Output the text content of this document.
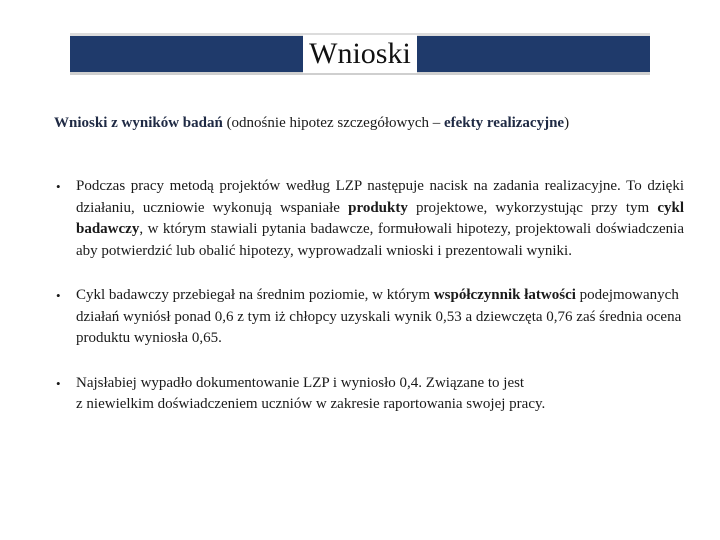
Wnioski
Wnioski z wyników badań (odnośnie hipotez szczegółowych – efekty realizacyjne)
• Podczas pracy metodą projektów według LZP następuje nacisk na zadania realizacyjne. To dzięki działaniu, uczniowie wykonują wspaniałe produkty projektowe, wykorzystując przy tym cykl badawczy, w którym stawiali pytania badawcze, formułowali hipotezy, projektowali doświadczenia aby potwierdzić lub obalić hipotezy, wyprowadzali wnioski i prezentowali wyniki.
• Cykl badawczy przebiegał na średnim poziomie, w którym współczynnik łatwości podejmowanych działań wyniósł ponad 0,6 z tym iż chłopcy uzyskali wynik 0,53 a dziewczęta 0,76 zaś średnia ocena produktu wyniosła 0,65.
• Najsłabiej wypadło dokumentowanie LZP i wyniosło 0,4. Związane to jest
z niewielkim doświadczeniem uczniów w zakresie raportowania swojej pracy.
